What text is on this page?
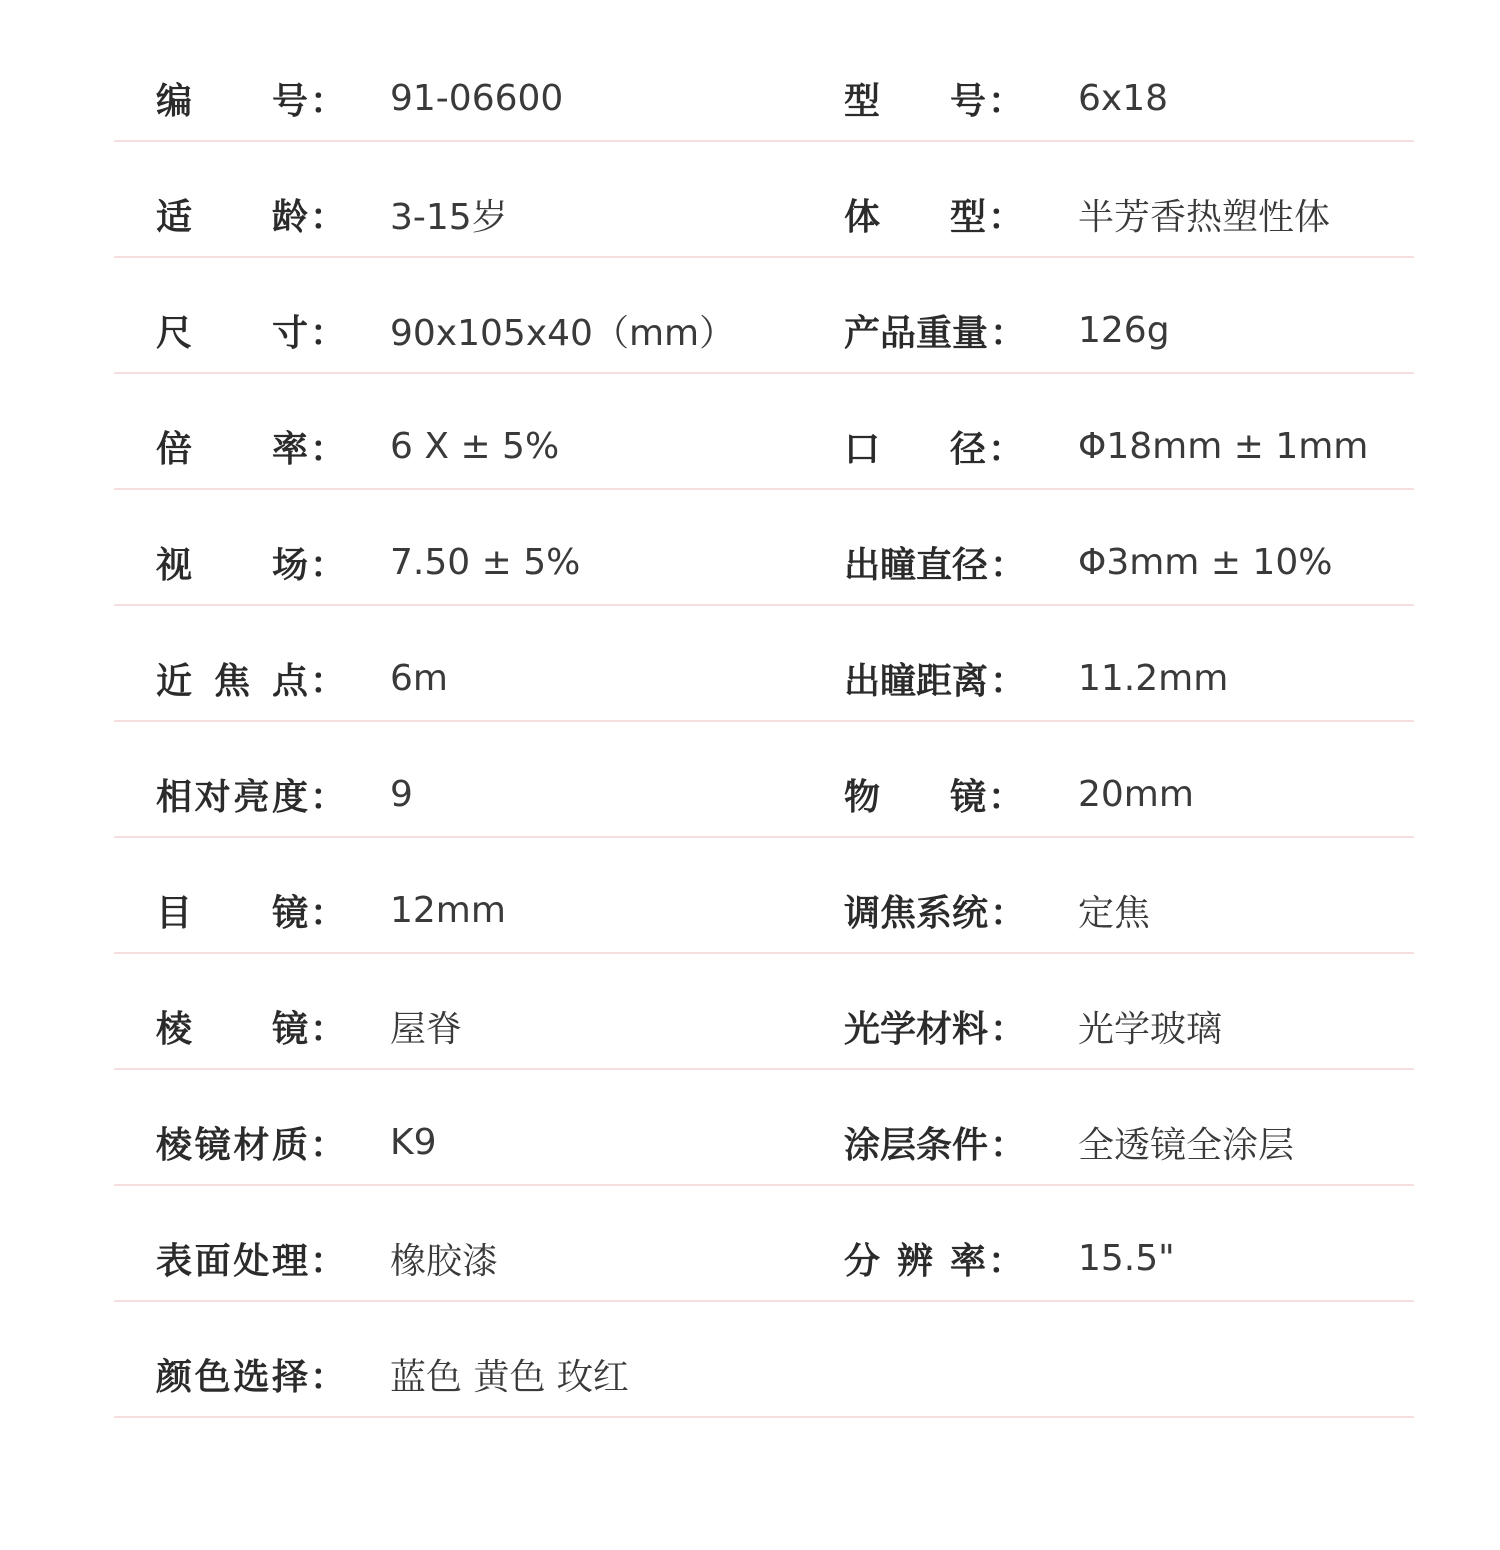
编号 ： 91-06600	型号 ： 6x18
适龄 ： 3-15岁	体型 ： 半芳香热塑性体
尺寸 ： 90x105x40（mm）	产品重量 ： 126g
倍率 ： 6 X ± 5%	口径 ： Φ18mm ± 1mm
视场 ： 7.50 ± 5%	出瞳直径 ： Φ3mm ± 10%
近焦点 ： 6m	出瞳距离 ： 11.2mm
相对亮度 ： 9	物镜 ： 20mm
目镜 ： 12mm	调焦系统 ： 定焦
棱镜 ： 屋脊	光学材料 ： 光学玻璃
棱镜材质 ： K9	涂层条件 ： 全透镜全涂层
表面处理 ： 橡胶漆	分辨率 ： 15.5"
颜色选择 ： 蓝色 黄色 玫红
